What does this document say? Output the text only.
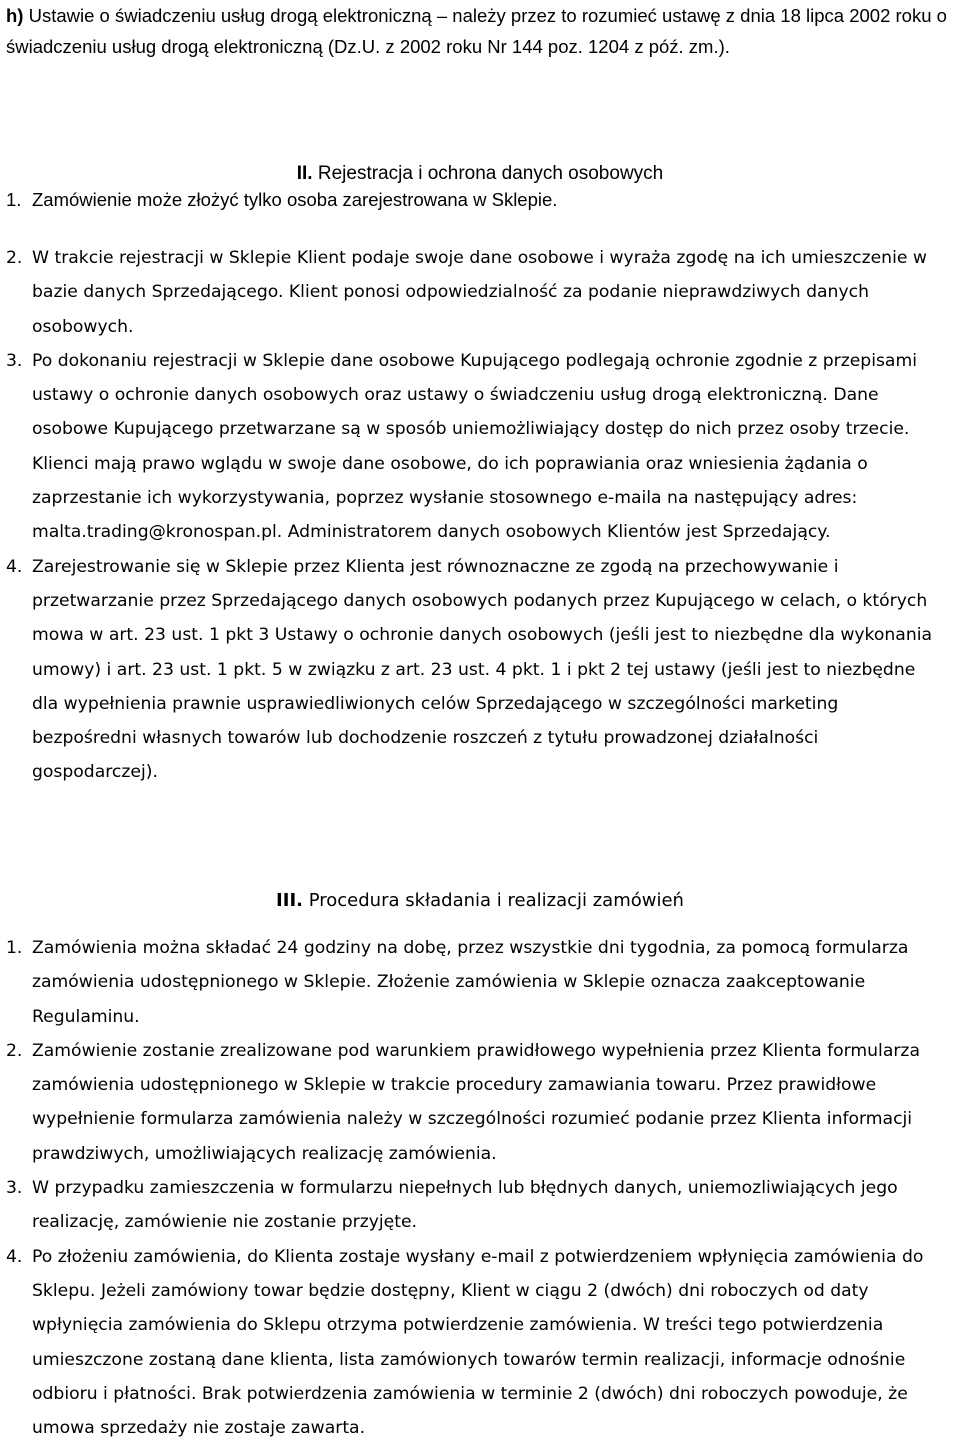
h) Ustawie o świadczeniu usług drogą elektroniczną – należy przez to rozumieć ustawę z dnia 18 lipca 2002 roku o świadczeniu usług drogą elektroniczną (Dz.U. z 2002 roku Nr 144 poz. 1204 z póź. zm.).

II. Rejestracja i ochrona danych osobowych
1. Zamówienie może złożyć tylko osoba zarejestrowana w Sklepie.
2. W trakcie rejestracji w Sklepie Klient podaje swoje dane osobowe i wyraża zgodę na ich umieszczenie w bazie danych Sprzedającego. Klient ponosi odpowiedzialność za podanie nieprawdziwych danych osobowych.
3. Po dokonaniu rejestracji w Sklepie dane osobowe Kupującego podlegają ochronie zgodnie z przepisami ustawy o ochronie danych osobowych oraz ustawy o świadczeniu usług drogą elektroniczną. Dane osobowe Kupującego przetwarzane są w sposób uniemożliwiający dostęp do nich przez osoby trzecie. Klienci mają prawo wglądu w swoje dane osobowe, do ich poprawiania oraz wniesienia żądania o zaprzestanie ich wykorzystywania, poprzez wysłanie stosownego e-maila na następujący adres: malta.trading@kronospan.pl. Administratorem danych osobowych Klientów jest Sprzedający.
4. Zarejestrowanie się w Sklepie przez Klienta jest równoznaczne ze zgodą na przechowywanie i przetwarzanie przez Sprzedającego danych osobowych podanych przez Kupującego w celach, o których mowa w art. 23 ust. 1 pkt 3 Ustawy o ochronie danych osobowych (jeśli jest to niezbędne dla wykonania umowy) i art. 23 ust. 1 pkt. 5 w związku z art. 23 ust. 4 pkt. 1 i pkt 2 tej ustawy (jeśli jest to niezbędne dla wypełnienia prawnie usprawiedliwionych celów Sprzedającego w szczególności marketing bezpośredni własnych towarów lub dochodzenie roszczeń z tytułu prowadzonej działalności gospodarczej).
III. Procedura składania i realizacji zamówień
1. Zamówienia można składać 24 godziny na dobę, przez wszystkie dni tygodnia, za pomocą formularza zamówienia udostępnionego w Sklepie. Złożenie zamówienia w Sklepie oznacza zaakceptowanie Regulaminu.
2. Zamówienie zostanie zrealizowane pod warunkiem prawidłowego wypełnienia przez Klienta formularza zamówienia udostępnionego w Sklepie w trakcie procedury zamawiania towaru. Przez prawidłowe wypełnienie formularza zamówienia należy w szczególności rozumieć podanie przez Klienta informacji prawdziwych, umożliwiających realizację zamówienia.
3. W przypadku zamieszczenia w formularzu niepełnych lub błędnych danych, uniemozliwiających jego realizację, zamówienie nie zostanie przyjęte.
4. Po złożeniu zamówienia, do Klienta zostaje wysłany e-mail z potwierdzeniem wpłynięcia zamówienia do Sklepu. Jeżeli zamówiony towar będzie dostępny, Klient w ciągu 2 (dwóch) dni roboczych od daty wpłynięcia zamówienia do Sklepu otrzyma potwierdzenie zamówienia. W treści tego potwierdzenia umieszczone zostaną dane klienta, lista zamówionych towarów termin realizacji, informacje odnośnie odbioru i płatności. Brak potwierdzenia zamówienia w terminie 2 (dwóch) dni roboczych powoduje, że umowa sprzedaży nie zostaje zawarta.
